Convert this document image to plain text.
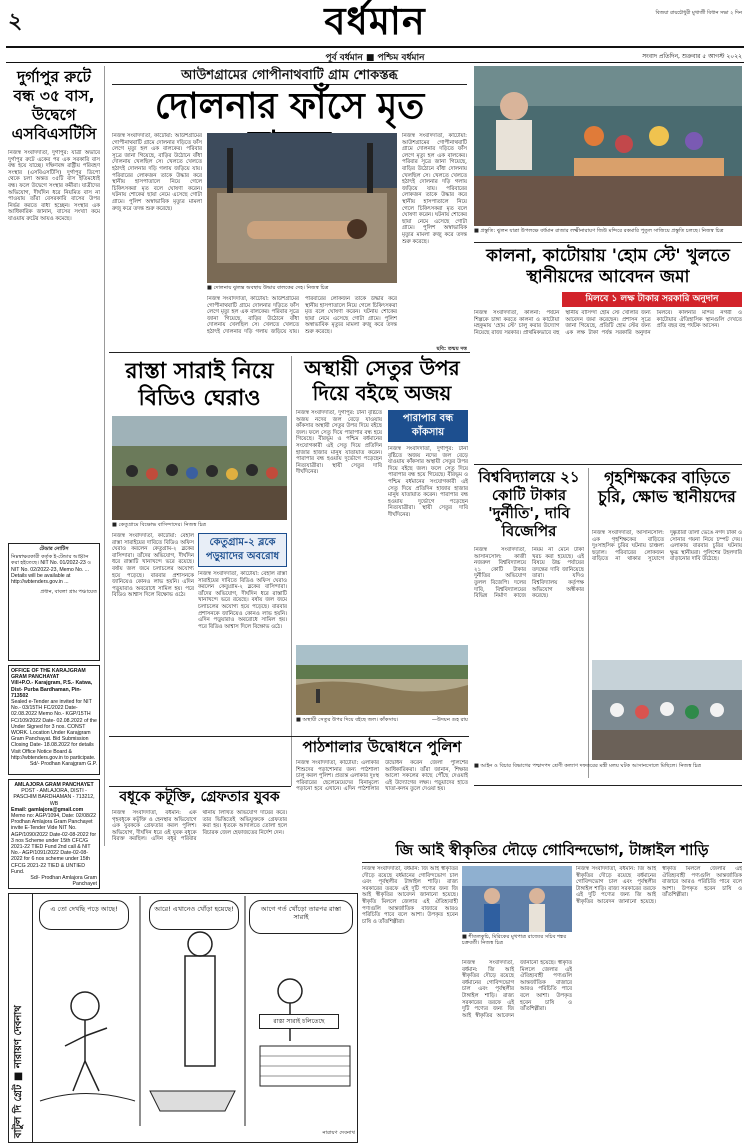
২	বর্ধমান	বিজয়া রায়চৌধুরী মুখার্জী বিধান সভা ২ দিন
পূর্ব বর্ধমান ■ পশ্চিম বর্ধমান	সংবাদ প্রতিদিন, শুক্রবার ৫ আগস্ট ২০২২
দুর্গাপুর রুটে বন্ধ ৩৫ বাস, উদ্বেগে এসবিএসটিসি
নিজস্ব সংবাদদাতা, দুর্গাপুর: যাত্রী অভাবে দুর্গাপুর রুটে একের পর এক সরকারি বাস বন্ধ হয়ে যাচ্ছে। দক্ষিণবঙ্গ রাষ্ট্রীয় পরিবহণ সংস্থার (এসবিএসটিসি) দুর্গাপুর ডিপো থেকে চলা অন্তত ৩৫টি বাস ইতিমধ্যেই বন্ধ। ফলে উদ্বেগে সংস্থার কর্মীরা। যাত্রীদের অভিযোগ, দীর্ঘদিন ধরে নিয়মিত বাস না পাওয়ায় তাঁরা বেসরকারি বাসের উপর নির্ভর করতে বাধ্য হচ্ছেন। সংস্থার এক আধিকারিক জানান, বাসের সংখ্যা কমে যাওয়ায় রুটের আয়ও কমেছে।
টেন্ডার নোটিস
নিম্নস্বাক্ষরকারী কর্তৃক ই-টেন্ডার আহ্বান করা হইতেছে। NIT No. 01/2022-23 ও NIT No. 02/2022-23, Memo No. ... Details will be available at http://wbtenders.gov.in ...
প্রধান, বাবলা গ্রাম পঞ্চায়েত
OFFICE OF THE KARAJGRAM GRAM PANCHAYAT
Vill+P.O.- Karajgram, P.S.- Katwa, Dist- Purba Bardhaman, Pin- 713502
Sealed e-Tender are invited for NIT No.- 03/15TH FC/2022 Date-02.08.2022 Memo No.- KGP/15TH FC/109/2022 Date- 02.08.2022 of the Under Signed for 3 nos. CONST WORK. Location Under Karajgram Gram Panchayat. Bid Submission Closing Date- 18.08.2022 for details Visit Office Notice Board & http://wbtenders.gov.in to participate.
Sd/- Prodhan Karajgram G.P.
AMLAJORA GRAM PANCHAYET
POST - AMLAJORA, DISTI - PASCHIM BARDHAMAN - 713212, WB
Email: gamlajora@gmail.com
Memo no: AGP/1094, Date: 02/08/22
Prodhan Amlajora Gram Panchayet invite E-Tender Vide NIT No. AGP/1090/2022 Date-02-08-2022 for 3 nos Scheme under 15th CFC/G 2021-22 TIED Fund 2nd call & NIT No.- AGP/1091/2022 Date-02-08-2022 for 6 nos scheme under 15th CFCG 2021-22 TIED & UNTIED Fund.
Sd/- Prodhan Amlajora Gram Panchayet
আউশগ্রামের গোপীনাথবাটি গ্রাম শোকস্তব্ধ
দোলনার ফাঁসে মৃত
নিজস্ব সংবাদদাতা, কাটোয়া: আউশগ্রামের গোপীনাথবাটি গ্রামে দোলনার দড়িতে ফাঁস লেগে মৃত্যু হল এক বালকের। পরিবার সূত্রে জানা গিয়েছে, বাড়ির উঠোনে বাঁধা দোলনায় খেলছিল সে। খেলতে খেলতে হঠাৎই দোলনার দড়ি গলায় জড়িয়ে যায়। পরিবারের লোকজন তাকে উদ্ধার করে স্থানীয় হাসপাতালে নিয়ে গেলে চিকিৎসকরা মৃত বলে ঘোষণা করেন। ঘটনায় শোকের ছায়া নেমে এসেছে গোটা গ্রামে। পুলিশ অস্বাভাবিক মৃত্যুর মামলা রুজু করে তদন্ত শুরু করেছে।
■ দোলনায় ঝুলন্ত অবস্থায় উদ্ধার বালকের দেহ। নিজস্ব চিত্র
নিজস্ব সংবাদদাতা, কাটোয়া: আউশগ্রামের গোপীনাথবাটি গ্রামে দোলনার দড়িতে ফাঁস লেগে মৃত্যু হল এক বালকের। পরিবার সূত্রে জানা গিয়েছে, বাড়ির উঠোনে বাঁধা দোলনায় খেলছিল সে। খেলতে খেলতে হঠাৎই দোলনার দড়ি গলায় জড়িয়ে যায়। পরিবারের লোকজন তাকে উদ্ধার করে স্থানীয় হাসপাতালে নিয়ে গেলে চিকিৎসকরা মৃত বলে ঘোষণা করেন। ঘটনায় শোকের ছায়া নেমে এসেছে গোটা গ্রামে। পুলিশ অস্বাভাবিক মৃত্যুর মামলা রুজু করে তদন্ত শুরু করেছে।
নিজস্ব সংবাদদাতা, কাটোয়া: আউশগ্রামের গোপীনাথবাটি গ্রামে দোলনার দড়িতে ফাঁস লেগে মৃত্যু হল এক বালকের। পরিবার সূত্রে জানা গিয়েছে, বাড়ির উঠোনে বাঁধা দোলনায় খেলছিল সে। খেলতে খেলতে হঠাৎই দোলনার দড়ি গলায় জড়িয়ে যায়। পরিবারের লোকজন তাকে উদ্ধার করে স্থানীয় হাসপাতালে নিয়ে গেলে চিকিৎসকরা মৃত বলে ঘোষণা করেন। ঘটনায় শোকের ছায়া নেমে এসেছে গোটা গ্রামে। পুলিশ অস্বাভাবিক মৃত্যুর মামলা রুজু করে তদন্ত শুরু করেছে।
ছবি: তন্ময় দত্ত
■ প্রস্তুতি: ঝুলন যাত্রা উপলক্ষে বর্ধমান রাজার লক্ষ্মীনারায়ণ জিউ মন্দিরে রকমারি পুতুল সাজিয়ে প্রস্তুতি চলছে। নিজস্ব চিত্র
কালনা, কাটোয়ায় 'হোম স্টে' খুলতে স্থানীয়দের আবেদন জমা
মিলবে ১ লক্ষ টাকার সরকারি অনুদান
নিজস্ব সংবাদদাতা, কালনা: পর্যটন শিল্পকে চাঙ্গা করতে কালনা ও কাটোয়া মহকুমায় 'হোম স্টে' চালু করার উদ্যোগ নিয়েছে রাজ্য সরকার। প্রাথমিকভাবে বহু স্থানীয় বাসিন্দা হোম স্টে খোলার জন্য আবেদন জমা করেছেন। প্রশাসন সূত্রে জানা গিয়েছে, প্রতিটি হোম স্টের জন্য এক লক্ষ টাকা পর্যন্ত সরকারি অনুদান মিলবে। কালনার মন্দির নগরী ও কাটোয়ার ঐতিহাসিক স্থানগুলি দেখতে প্রতি বছর বহু পর্যটক আসেন।
রাস্তা সারাই নিয়ে বিডিও ঘেরাও
■ কেতুগ্রামে বিক্ষোভ বাসিন্দাদের। নিজস্ব চিত্র
কেতুগ্রাম-২ ব্লকে পড়ুয়াদের অবরোধ
নিজস্ব সংবাদদাতা, কাটোয়া: বেহাল রাস্তা সারাইয়ের দাবিতে বিডিও অফিস ঘেরাও করলেন কেতুগ্রাম-২ ব্লকের বাসিন্দারা। তাঁদের অভিযোগ, দীর্ঘদিন ধরে রাস্তাটি খানাখন্দে ভরে রয়েছে। বর্ষায় জল জমে চলাচলের অযোগ্য হয়ে পড়েছে। বারবার প্রশাসনকে জানিয়েও কোনও লাভ হয়নি। এদিন পড়ুয়ারাও অবরোধে সামিল হয়। পরে বিডিও আশ্বাস দিলে বিক্ষোভ ওঠে।
নিজস্ব সংবাদদাতা, কাটোয়া: বেহাল রাস্তা সারাইয়ের দাবিতে বিডিও অফিস ঘেরাও করলেন কেতুগ্রাম-২ ব্লকের বাসিন্দারা। তাঁদের অভিযোগ, দীর্ঘদিন ধরে রাস্তাটি খানাখন্দে ভরে রয়েছে। বর্ষায় জল জমে চলাচলের অযোগ্য হয়ে পড়েছে। বারবার প্রশাসনকে জানিয়েও কোনও লাভ হয়নি। এদিন পড়ুয়ারাও অবরোধে সামিল হয়। পরে বিডিও আশ্বাস দিলে বিক্ষোভ ওঠে।
অস্থায়ী সেতুর উপর দিয়ে বইছে অজয়
পারাপার বন্ধ কাঁকসায়
নিজস্ব সংবাদদাতা, দুর্গাপুর: টানা বৃষ্টিতে অজয় নদের জল বেড়ে যাওয়ায় কাঁকসার অস্থায়ী সেতুর উপর দিয়ে বইছে জল। ফলে সেতু দিয়ে পারাপার বন্ধ হয়ে গিয়েছে। বীরভূম ও পশ্চিম বর্ধমানের সংযোগকারী এই সেতু দিয়ে প্রতিদিন হাজার হাজার মানুষ যাতায়াত করেন। পারাপার বন্ধ হওয়ায় দুর্ভোগে পড়েছেন নিত্যযাত্রীরা। স্থায়ী সেতুর দাবি দীর্ঘদিনের।
নিজস্ব সংবাদদাতা, দুর্গাপুর: টানা বৃষ্টিতে অজয় নদের জল বেড়ে যাওয়ায় কাঁকসার অস্থায়ী সেতুর উপর দিয়ে বইছে জল। ফলে সেতু দিয়ে পারাপার বন্ধ হয়ে গিয়েছে। বীরভূম ও পশ্চিম বর্ধমানের সংযোগকারী এই সেতু দিয়ে প্রতিদিন হাজার হাজার মানুষ যাতায়াত করেন। পারাপার বন্ধ হওয়ায় দুর্ভোগে পড়েছেন নিত্যযাত্রীরা। স্থায়ী সেতুর দাবি দীর্ঘদিনের।
■ অস্থায়ী সেতুর উপর দিয়ে বইছে জল। কাঁকসায়।	—উদয়ন গুহ রায়
বিশ্ববিদ্যালয়ে ২১ কোটি টাকার 'দুর্নীতি', দাবি বিজেপির
নিজস্ব সংবাদদাতা, আসানসোল: কাজী নজরুল বিশ্ববিদ্যালয়ে ২১ কোটি টাকার দুর্নীতির অভিযোগ তুলল বিজেপি। দলের দাবি, বিশ্ববিদ্যালয়ের বিভিন্ন নির্মাণ কাজে নিয়ম না মেনে টাকা খরচ করা হয়েছে। এই বিষয়ে উচ্চ পর্যায়ের তদন্তের দাবি জানিয়েছে তারা। যদিও বিশ্ববিদ্যালয় কর্তৃপক্ষ অভিযোগ অস্বীকার করেছে।
গৃহশিক্ষকের বাড়িতে চুরি, ক্ষোভ স্থানীয়দের
নিজস্ব সংবাদদাতা, আসানসোল: এক গৃহশিক্ষকের বাড়িতে দুঃসাহসিক চুরির ঘটনায় চাঞ্চল্য ছড়াল। পরিবারের লোকজন বাড়িতে না থাকার সুযোগে দুষ্কৃতীরা তালা ভেঙে নগদ টাকা ও সোনার গয়না নিয়ে চম্পট দেয়। এলাকায় বারবার চুরির ঘটনায় ক্ষুব্ধ স্থানীয়রা। পুলিশের টহলদারি বাড়ানোর দাবি উঠেছে।
■ আইন ও বিচার বিভাগের পশ্চাদপদ শ্রেণী কল্যাণ দফতরের মন্ত্রী মলয় ঘটক আসানসোলে মিছিলে। নিজস্ব চিত্র
পাঠশালার উদ্বোধনে পুলিশ
নিজস্ব সংবাদদাতা, কাটোয়া: এলাকার শিশুদের পড়াশোনার জন্য পাঠশালা চালু করল পুলিশ। প্রত্যন্ত এলাকার দুঃস্থ পরিবারের ছেলেমেয়েদের বিনামূল্যে পড়ানো হবে এখানে। এদিন পাঠশালার উদ্বোধন করেন জেলা পুলিশের আধিকারিকরা। তাঁরা জানান, শিক্ষার আলো সকলের কাছে পৌঁছে দেওয়াই এই উদ্যোগের লক্ষ্য। পড়ুয়াদের হাতে খাতা-কলম তুলে দেওয়া হয়।
বধূকে কটূক্তি, গ্রেফতার যুবক
নিজস্ব সংবাদদাতা, বর্ধমান: এক গৃহবধূকে কটূক্তি ও হেনস্থার অভিযোগে এক যুবককে গ্রেফতার করল পুলিশ। অভিযোগ, দীর্ঘদিন ধরে ওই যুবক বধূকে বিরক্ত করছিল। এদিন বধূর পরিবার থানায় লিখিত অভিযোগ দায়ের করে। তার ভিত্তিতেই অভিযুক্তকে গ্রেফতার করা হয়। ধৃতকে আদালতে তোলা হলে বিচারক জেল হেফাজতের নির্দেশ দেন।
জি আই স্বীকৃতির দৌড়ে গোবিন্দভোগ, টাঙ্গাইল শাড়ি
নিজস্ব সংবাদদাতা, বর্ধমান: জি আই স্বীকৃতির দৌড়ে রয়েছে বর্ধমানের গোবিন্দভোগ চাল এবং পূর্বস্থলীর টাঙ্গাইল শাড়ি। রাজ্য সরকারের তরফে এই দুটি পণ্যের জন্য জি আই স্বীকৃতির আবেদন জানানো হয়েছে। স্বীকৃতি মিললে জেলার এই ঐতিহ্যবাহী পণ্যগুলি আন্তর্জাতিক বাজারে আরও পরিচিতি পাবে বলে আশা। উপকৃত হবেন চাষি ও তাঁতশিল্পীরা।
■ শীতলকুচি, মিরিকের মুখপাত্র রাজ্যের সচিব শঙ্কর চক্রবর্তী। নিজস্ব চিত্র
নিজস্ব সংবাদদাতা, বর্ধমান: জি আই স্বীকৃতির দৌড়ে রয়েছে বর্ধমানের গোবিন্দভোগ চাল এবং পূর্বস্থলীর টাঙ্গাইল শাড়ি। রাজ্য সরকারের তরফে এই দুটি পণ্যের জন্য জি আই স্বীকৃতির আবেদন জানানো হয়েছে। স্বীকৃতি মিললে জেলার এই ঐতিহ্যবাহী পণ্যগুলি আন্তর্জাতিক বাজারে আরও পরিচিতি পাবে বলে আশা। উপকৃত হবেন চাষি ও তাঁতশিল্পীরা।
নিজস্ব সংবাদদাতা, বর্ধমান: জি আই স্বীকৃতির দৌড়ে রয়েছে বর্ধমানের গোবিন্দভোগ চাল এবং পূর্বস্থলীর টাঙ্গাইল শাড়ি। রাজ্য সরকারের তরফে এই দুটি পণ্যের জন্য জি আই স্বীকৃতির আবেদন জানানো হয়েছে। স্বীকৃতি মিললে জেলার এই ঐতিহ্যবাহী পণ্যগুলি আন্তর্জাতিক বাজারে আরও পরিচিতি পাবে বলে আশা। উপকৃত হবেন চাষি ও তাঁতশিল্পীরা।
বাটুল দি গ্রেট ■ নারায়ণ দেবনাথ
এ তো দেখছি পড়ে আছে!	আরে! এখানেও খোঁড়া হয়েছে!	আগে গর্ত খোঁড়ো তারপর রাস্তা সারাই
রাস্তা সারাই চলিতেছে
নারায়ণ দেবনাথ
